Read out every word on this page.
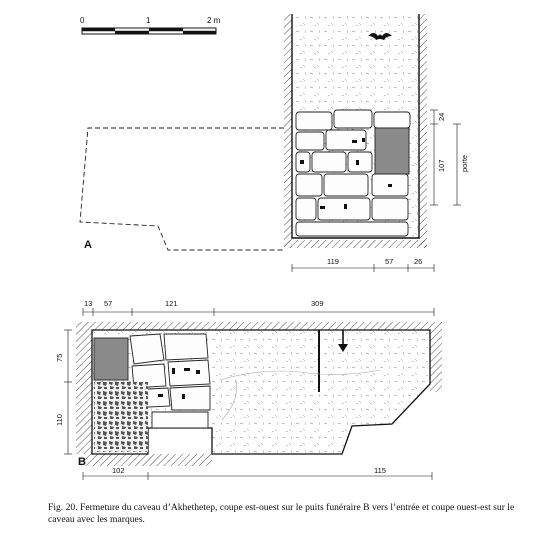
0	1	2 m
24
107 porte
119	57	26
A
13 57	121	309
75
110
102	115
B
Fig. 20. Fermeture du caveau d’Akhethetep, coupe est-ouest sur le puits funéraire B vers l’entrée et coupe ouest-est sur le caveau avec les marques.
